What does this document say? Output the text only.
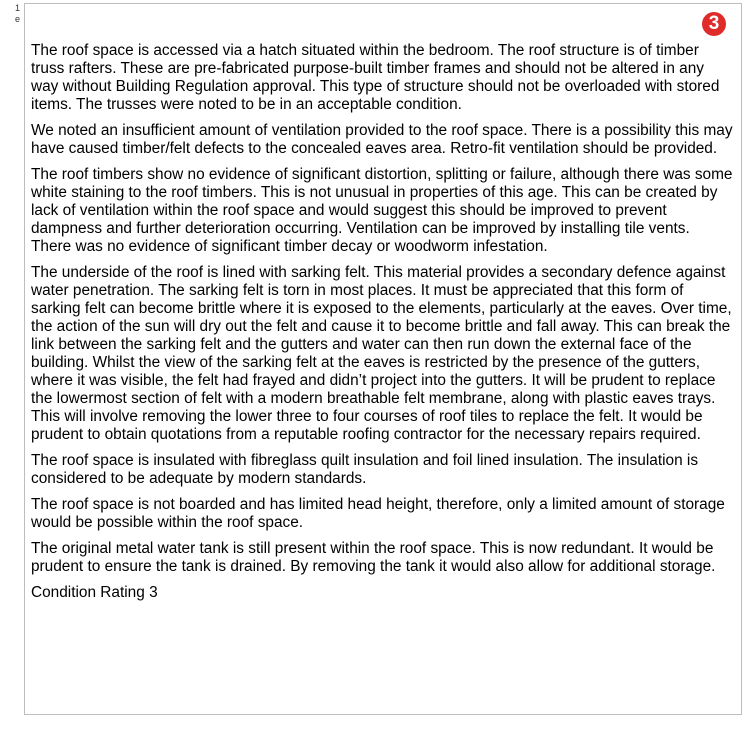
1
e	3

The roof space is accessed via a hatch situated within the bedroom. The roof structure is of timber truss rafters. These are pre-fabricated purpose-built timber frames and should not be altered in any way without Building Regulation approval. This type of structure should not be overloaded with stored items. The trusses were noted to be in an acceptable condition.

We noted an insufficient amount of ventilation provided to the roof space. There is a possibility this may have caused timber/felt defects to the concealed eaves area. Retro-fit ventilation should be provided.

The roof timbers show no evidence of significant distortion, splitting or failure, although there was some white staining to the roof timbers. This is not unusual in properties of this age. This can be created by lack of ventilation within the roof space and would suggest this should be improved to prevent dampness and further deterioration occurring. Ventilation can be improved by installing tile vents. There was no evidence of significant timber decay or woodworm infestation.

The underside of the roof is lined with sarking felt. This material provides a secondary defence against water penetration. The sarking felt is torn in most places. It must be appreciated that this form of sarking felt can become brittle where it is exposed to the elements, particularly at the eaves. Over time, the action of the sun will dry out the felt and cause it to become brittle and fall away. This can break the link between the sarking felt and the gutters and water can then run down the external face of the building. Whilst the view of the sarking felt at the eaves is restricted by the presence of the gutters, where it was visible, the felt had frayed and didn’t project into the gutters. It will be prudent to replace the lowermost section of felt with a modern breathable felt membrane, along with plastic eaves trays. This will involve removing the lower three to four courses of roof tiles to replace the felt. It would be prudent to obtain quotations from a reputable roofing contractor for the necessary repairs required.

The roof space is insulated with fibreglass quilt insulation and foil lined insulation. The insulation is considered to be adequate by modern standards.

The roof space is not boarded and has limited head height, therefore, only a limited amount of storage would be possible within the roof space.

The original metal water tank is still present within the roof space. This is now redundant. It would be prudent to ensure the tank is drained. By removing the tank it would also allow for additional storage.

Condition Rating 3
